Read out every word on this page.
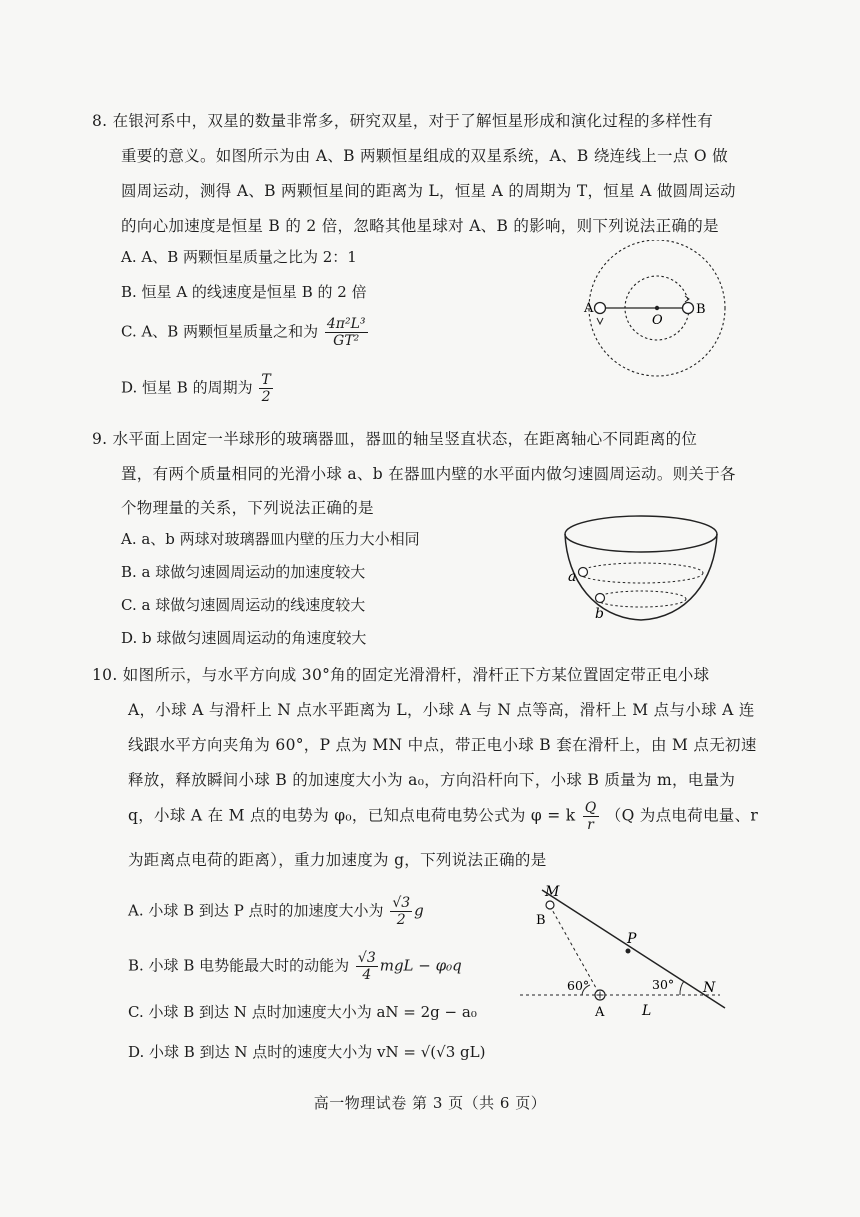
8. 在银河系中，双星的数量非常多，研究双星，对于了解恒星形成和演化过程的多样性有
重要的意义。如图所示为由 A、B 两颗恒星组成的双星系统，A、B 绕连线上一点 O 做
圆周运动，测得 A、B 两颗恒星间的距离为 L，恒星 A 的周期为 T，恒星 A 做圆周运动
的向心加速度是恒星 B 的 2 倍，忽略其他星球对 A、B 的影响，则下列说法正确的是
A. A、B 两颗恒星质量之比为 2：1
B. 恒星 A 的线速度是恒星 B 的 2 倍
C. A、B 两颗恒星质量之和为 $\frac{\text{4π²L³}}{\text{GT²}}$
D. 恒星 B 的周期为 $\frac{T}{2}$
A	B
O
9. 水平面上固定一半球形的玻璃器皿，器皿的轴呈竖直状态，在距离轴心不同距离的位
置，有两个质量相同的光滑小球 a、b 在器皿内壁的水平面内做匀速圆周运动。则关于各
个物理量的关系，下列说法正确的是
A. a、b 两球对玻璃器皿内壁的压力大小相同
B. a 球做匀速圆周运动的加速度较大
C. a 球做匀速圆周运动的线速度较大
D. b 球做匀速圆周运动的角速度较大
a
b
10. 如图所示，与水平方向成 30°角的固定光滑滑杆，滑杆正下方某位置固定带正电小球
A，小球 A 与滑杆上 N 点水平距离为 L，小球 A 与 N 点等高，滑杆上 M 点与小球 A 连
线跟水平方向夹角为 60°，P 点为 MN 中点，带正电小球 B 套在滑杆上，由 M 点无初速
释放，释放瞬间小球 B 的加速度大小为 a₀，方向沿杆向下，小球 B 质量为 m，电量为
q，小球 A 在 M 点的电势为 φ₀，已知点电荷电势公式为 φ = k $\frac{Q}{r} (Q$ 为点电荷电量、r
为距离点电荷的距离），重力加速度为 g，下列说法正确的是
A. 小球 B 到达 P 点时的加速度大小为 $\frac{√3}{2}$ g
B. 小球 B 电势能最大时的动能为 $\frac{√3}{4}$ mgL − φ₀q
C. 小球 B 到达 N 点时加速度大小为 aN = 2g − a₀
D. 小球 B 到达 N 点时的速度大小为 vN = √(√3 gL)
M
B
P
N
A	L
60°	30°
高一物理试卷 第 3 页（共 6 页）
